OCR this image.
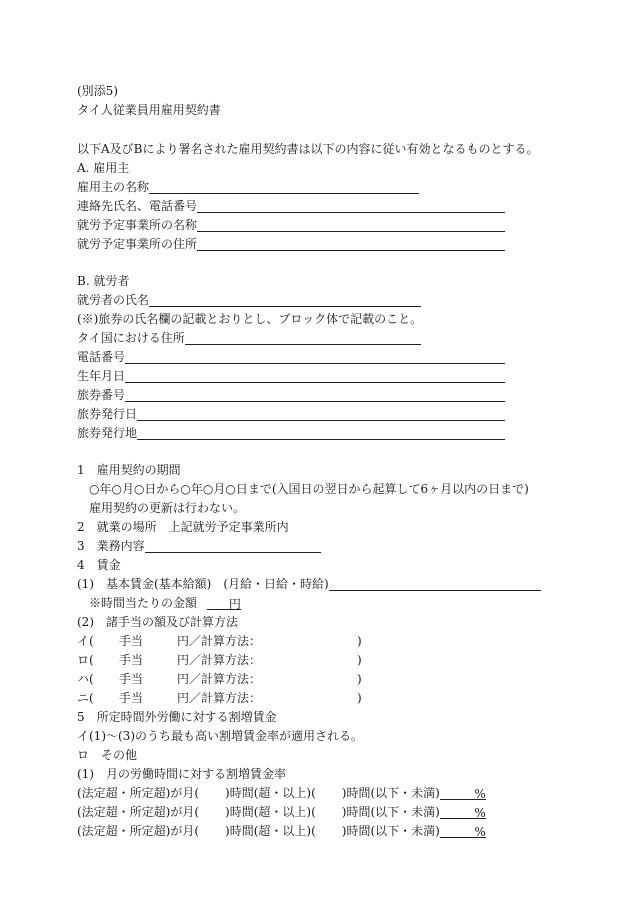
(別添5)
タイ人従業員用雇用契約書
以下A及びBにより署名された雇用契約書は以下の内容に従い有効となるものとする。
A. 雇用主
雇用主の名称
連絡先氏名、電話番号
就労予定事業所の名称
就労予定事業所の住所
B. 就労者
就労者の氏名
(※)旅券の氏名欄の記載とおりとし、ブロック体で記載のこと。
タイ国における住所
電話番号
生年月日
旅券番号
旅券発行日
旅券発行地
1　雇用契約の期間
○年○月○日から○年○月○日まで(入国日の翌日から起算して6ヶ月以内の日まで)
雇用契約の更新は行わない。
2　就業の場所　上記就労予定事業所内
3　業務内容
4　賃金
(1)　基本賃金(基本給額)　(月給・日給・時給)
※時間当たりの金額	円
(2)　諸手当の額及び計算方法
イ( 手当	円／計算方法：	)
ロ( 手当	円／計算方法：	)
ハ( 手当	円／計算方法：	)
ニ( 手当	円／計算方法：	)
5　所定時間外労働に対する割増賃金
イ(1)～(3)のうち最も高い割増賃金率が適用される。
ロ　その他
(1)　月の労働時間に対する割増賃金率
(法定超・所定超)が月( )時間(超・以上)( )時間(以下・未満)	%
(法定超・所定超)が月( )時間(超・以上)( )時間(以下・未満)	%
(法定超・所定超)が月( )時間(超・以上)( )時間(以下・未満)	%
